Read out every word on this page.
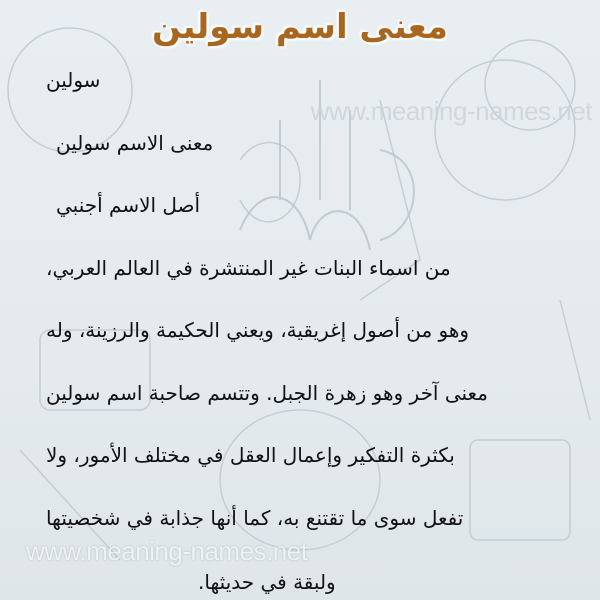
www.meaning-names.net
معنى اسم سولين
سولين
معنى الاسم سولين
أصل الاسم أجنبي
من اسماء البنات غير المنتشرة في العالم العربي،
وهو من أصول إغريقية، ويعني الحكيمة والرزينة، وله
معنى آخر وهو زهرة الجبل. وتتسم صاحبة اسم سولين
بكثرة التفكير وإعمال العقل في مختلف الأمور، ولا
تفعل سوى ما تقتنع به، كما أنها جذابة في شخصيتها
ولبقة في حديثها.
www.meaning-names.net
